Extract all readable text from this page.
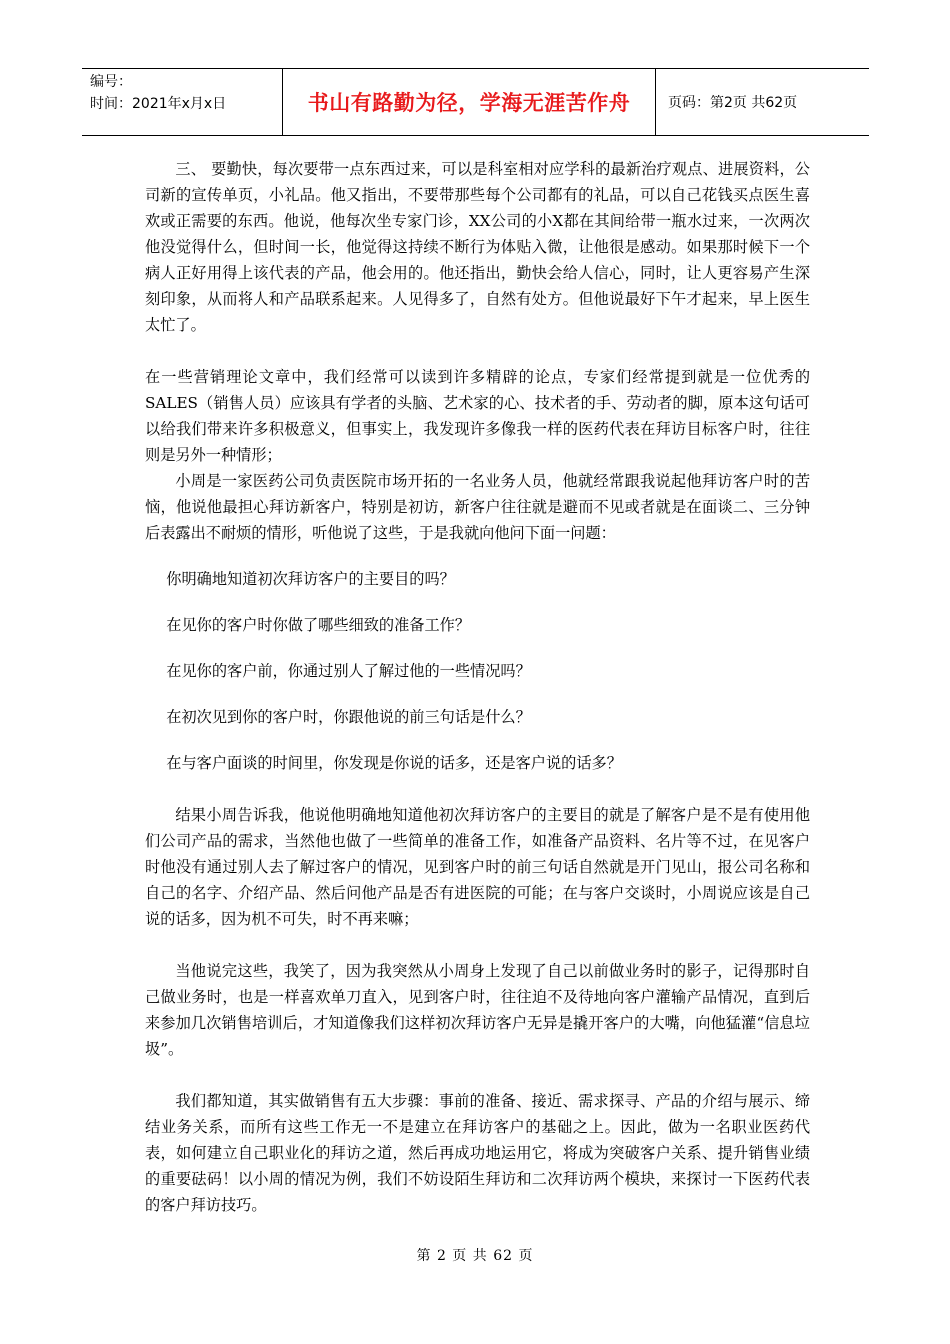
编号：
时间：2021年x月x日	书山有路勤为径，学海无涯苦作舟	页码：第2页 共62页

三、 要勤快，每次要带一点东西过来，可以是科室相对应学科的最新治疗观点、进展资料，公司新的宣传单页，小礼品。他又指出，不要带那些每个公司都有的礼品，可以自己花钱买点医生喜欢或正需要的东西。他说，他每次坐专家门诊，XX公司的小X都在其间给带一瓶水过来，一次两次他没觉得什么，但时间一长，他觉得这持续不断行为体贴入微，让他很是感动。如果那时候下一个病人正好用得上该代表的产品，他会用的。他还指出，勤快会给人信心，同时，让人更容易产生深刻印象，从而将人和产品联系起来。人见得多了，自然有处方。但他说最好下午才起来，早上医生太忙了。

在一些营销理论文章中，我们经常可以读到许多精辟的论点，专家们经常提到就是一位优秀的SALES（销售人员）应该具有学者的头脑、艺术家的心、技术者的手、劳动者的脚，原本这句话可以给我们带来许多积极意义，但事实上，我发现许多像我一样的医药代表在拜访目标客户时，往往则是另外一种情形；

小周是一家医药公司负责医院市场开拓的一名业务人员，他就经常跟我说起他拜访客户时的苦恼，他说他最担心拜访新客户，特别是初访，新客户往往就是避而不见或者就是在面谈二、三分钟后表露出不耐烦的情形，听他说了这些，于是我就向他问下面一问题：

你明确地知道初次拜访客户的主要目的吗？

在见你的客户时你做了哪些细致的准备工作？

在见你的客户前，你通过别人了解过他的一些情况吗？

在初次见到你的客户时，你跟他说的前三句话是什么？

在与客户面谈的时间里，你发现是你说的话多，还是客户说的话多？

结果小周告诉我，他说他明确地知道他初次拜访客户的主要目的就是了解客户是不是有使用他们公司产品的需求，当然他也做了一些简单的准备工作，如准备产品资料、名片等不过，在见客户时他没有通过别人去了解过客户的情况，见到客户时的前三句话自然就是开门见山，报公司名称和自己的名字、介绍产品、然后问他产品是否有进医院的可能；在与客户交谈时，小周说应该是自己说的话多，因为机不可失，时不再来嘛；

当他说完这些，我笑了，因为我突然从小周身上发现了自己以前做业务时的影子，记得那时自己做业务时，也是一样喜欢单刀直入，见到客户时，往往迫不及待地向客户灌输产品情况，直到后来参加几次销售培训后，才知道像我们这样初次拜访客户无异是撬开客户的大嘴，向他猛灌“信息垃圾”。

我们都知道，其实做销售有五大步骤：事前的准备、接近、需求探寻、产品的介绍与展示、缔结业务关系，而所有这些工作无一不是建立在拜访客户的基础之上。因此，做为一名职业医药代表，如何建立自己职业化的拜访之道，然后再成功地运用它，将成为突破客户关系、提升销售业绩的重要砝码！以小周的情况为例，我们不妨设陌生拜访和二次拜访两个模块，来探讨一下医药代表的客户拜访技巧。

第 2 页 共 62 页
